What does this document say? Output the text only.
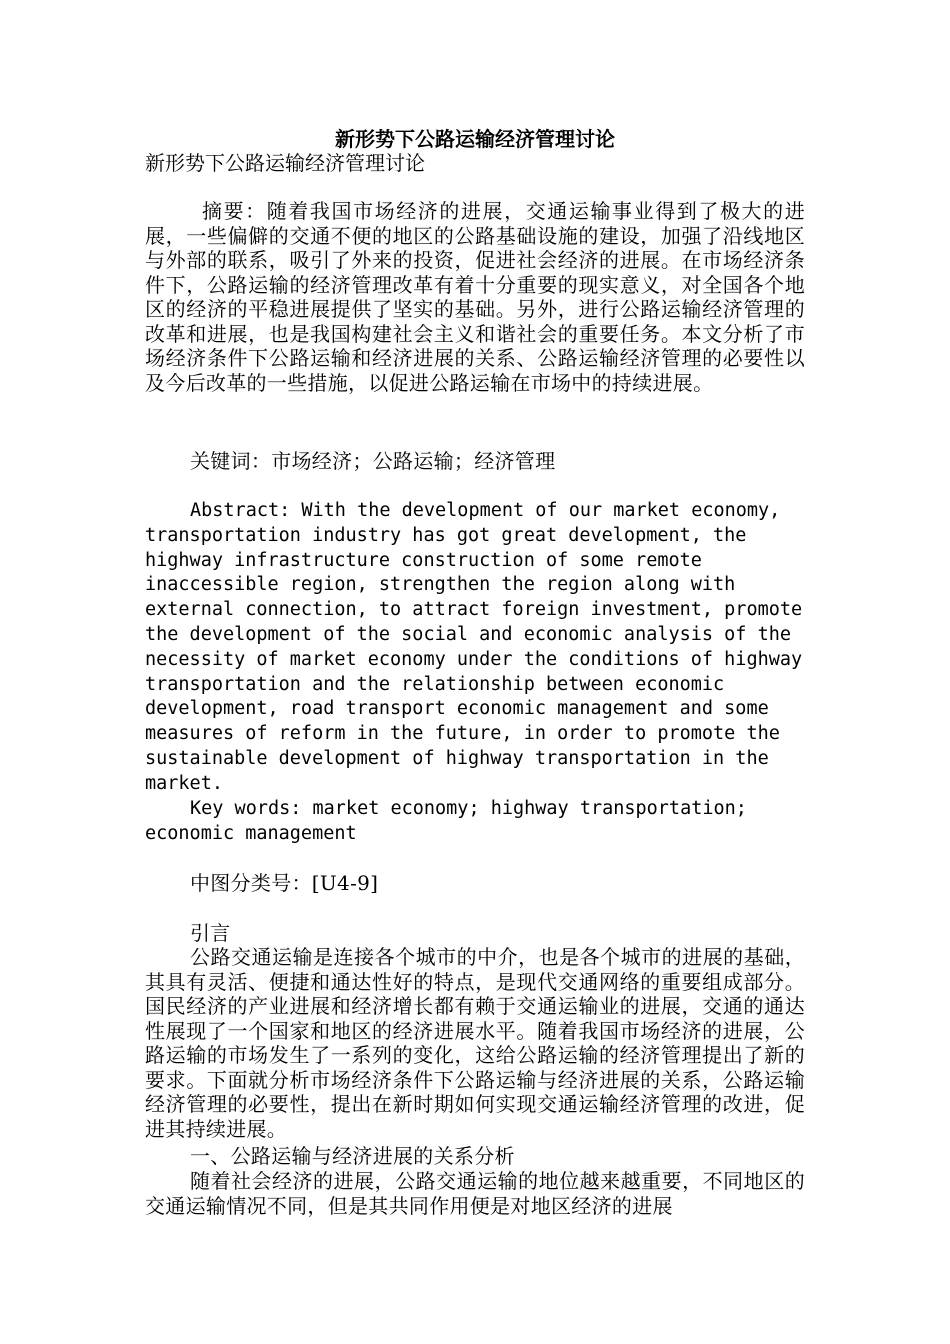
新形势下公路运输经济管理讨论

新形势下公路运输经济管理讨论

摘要：随着我国市场经济的进展，交通运输事业得到了极大的进展，一些偏僻的交通不便的地区的公路基础设施的建设，加强了沿线地区与外部的联系，吸引了外来的投资，促进社会经济的进展。在市场经济条件下，公路运输的经济管理改革有着十分重要的现实意义，对全国各个地区的经济的平稳进展提供了坚实的基础。另外，进行公路运输经济管理的改革和进展，也是我国构建社会主义和谐社会的重要任务。本文分析了市场经济条件下公路运输和经济进展的关系、公路运输经济管理的必要性以及今后改革的一些措施，以促进公路运输在市场中的持续进展。

关键词：市场经济；公路运输；经济管理

Abstract: With the development of our market economy, transportation industry has got great development, the highway infrastructure construction of some remote inaccessible region, strengthen the region along with external connection, to attract foreign investment, promote the development of the social and economic analysis of the necessity of market economy under the conditions of highway transportation and the relationship between economic development, road transport economic management and some measures of reform in the future, in order to promote the sustainable development of highway transportation in the market.

Key words: market economy; highway transportation; economic management

中图分类号：[U4-9]

引言

公路交通运输是连接各个城市的中介，也是各个城市的进展的基础，其具有灵活、便捷和通达性好的特点，是现代交通网络的重要组成部分。国民经济的产业进展和经济增长都有赖于交通运输业的进展，交通的通达性展现了一个国家和地区的经济进展水平。随着我国市场经济的进展，公路运输的市场发生了一系列的变化，这给公路运输的经济管理提出了新的要求。下面就分析市场经济条件下公路运输与经济进展的关系，公路运输经济管理的必要性，提出在新时期如何实现交通运输经济管理的改进，促进其持续进展。

一、公路运输与经济进展的关系分析

随着社会经济的进展，公路交通运输的地位越来越重要，不同地区的交通运输情况不同，但是其共同作用便是对地区经济的进展
